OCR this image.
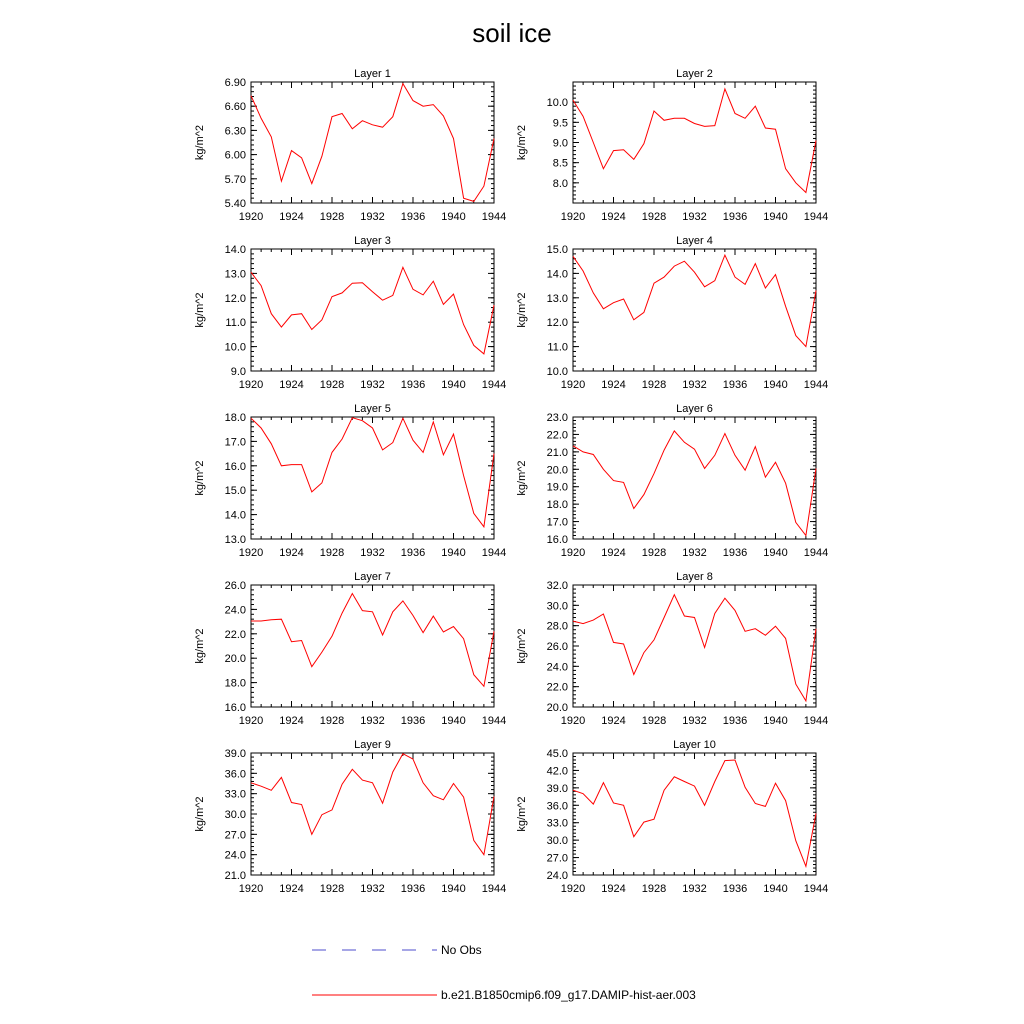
soil ice
Layer 1
kg/m^2
1920 1924 1928 1932 1936 1940 1944
5.40
5.70
6.00
6.30
6.60
6.90
Layer 2
kg/m^2
1920 1924 1928 1932 1936 1940 1944
8.0
8.5
9.0
9.5
10.0
Layer 3
kg/m^2
1920 1924 1928 1932 1936 1940 1944
9.0
10.0
11.0
12.0
13.0
14.0
Layer 4
kg/m^2
1920 1924 1928 1932 1936 1940 1944
10.0
11.0
12.0
13.0
14.0
15.0
Layer 5
kg/m^2
1920 1924 1928 1932 1936 1940 1944
13.0
14.0
15.0
16.0
17.0
18.0
Layer 6
kg/m^2
1920 1924 1928 1932 1936 1940 1944
16.0
17.0
18.0
19.0
20.0
21.0
22.0
23.0
Layer 7
kg/m^2
1920 1924 1928 1932 1936 1940 1944
16.0
18.0
20.0
22.0
24.0
26.0
Layer 8
kg/m^2
1920 1924 1928 1932 1936 1940 1944
20.0
22.0
24.0
26.0
28.0
30.0
32.0
Layer 9
kg/m^2
1920 1924 1928 1932 1936 1940 1944
21.0
24.0
27.0
30.0
33.0
36.0
39.0
Layer 10
kg/m^2
1920 1924 1928 1932 1936 1940 1944
24.0
27.0
30.0
33.0
36.0
39.0
42.0
45.0
No Obs
b.e21.B1850cmip6.f09_g17.DAMIP-hist-aer.003
